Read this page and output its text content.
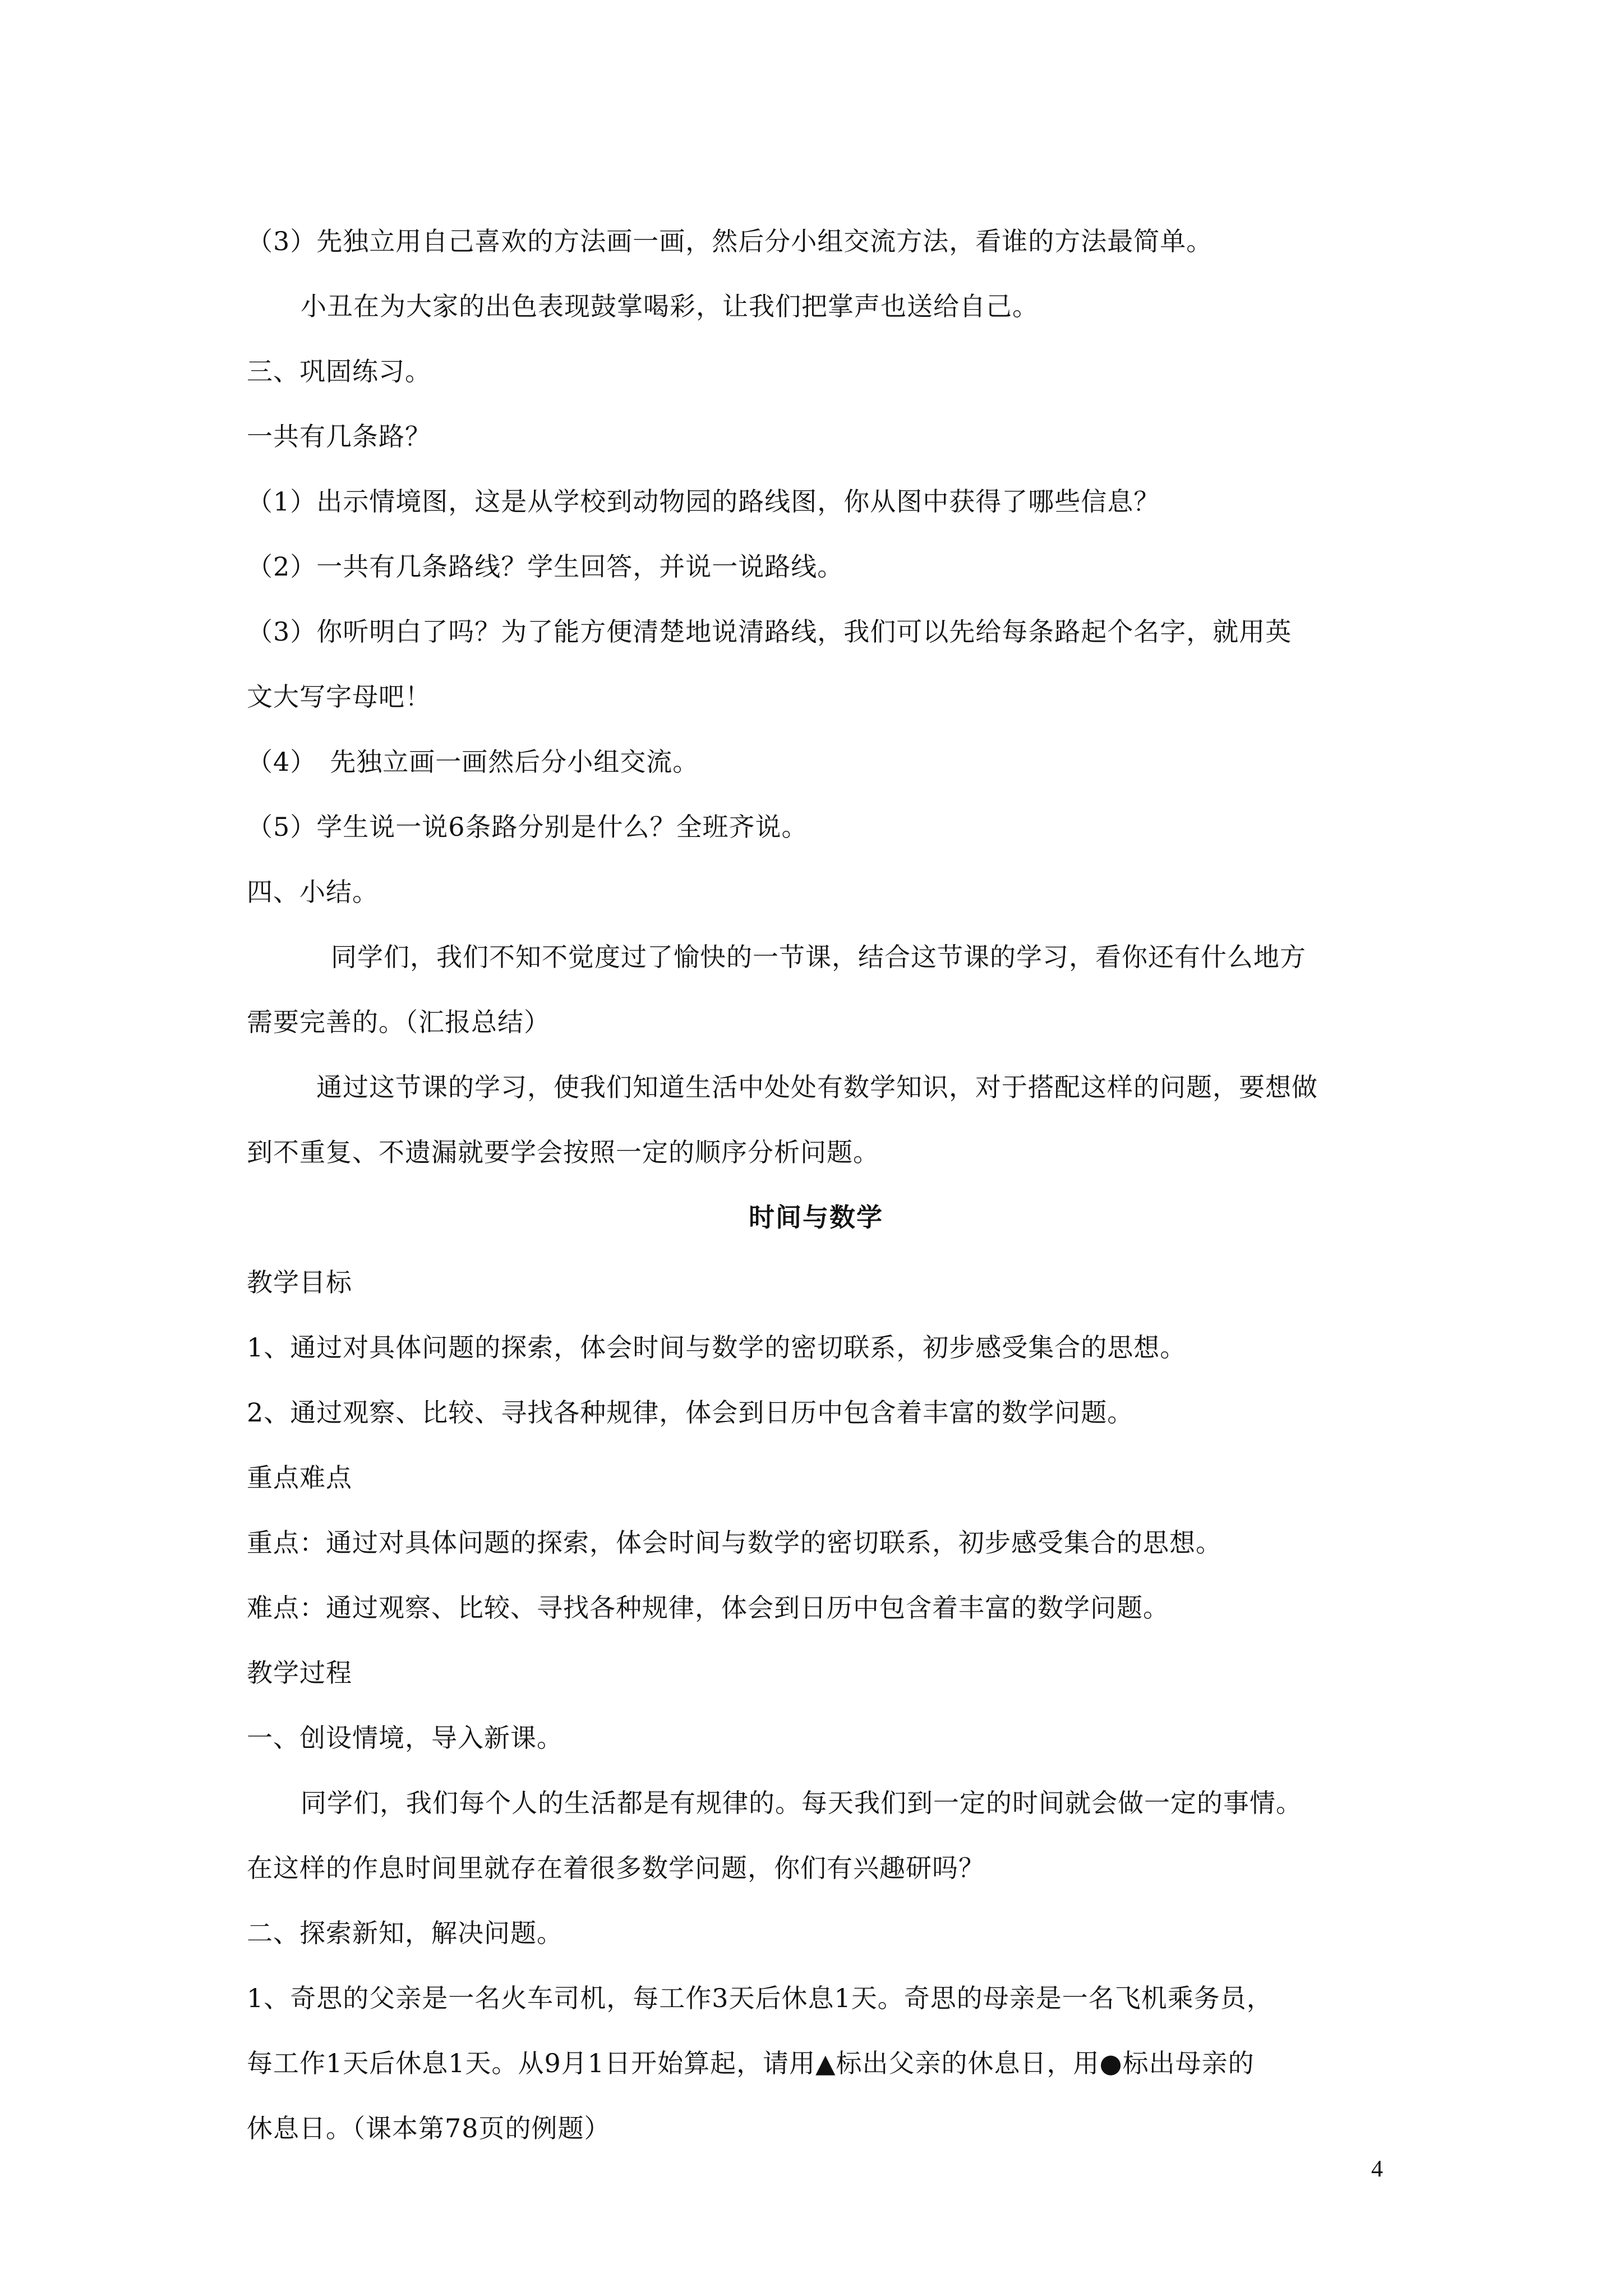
（3）先独立用自己喜欢的方法画一画，然后分小组交流方法，看谁的方法最简单。
小丑在为大家的出色表现鼓掌喝彩，让我们把掌声也送给自己。
三、巩固练习。
一共有几条路？
（1）出示情境图，这是从学校到动物园的路线图，你从图中获得了哪些信息？
（2）一共有几条路线？学生回答，并说一说路线。
（3）你听明白了吗？为了能方便清楚地说清路线，我们可以先给每条路起个名字，就用英
文大写字母吧！
（4）　先独立画一画然后分小组交流。
（5）学生说一说6条路分别是什么？全班齐说。
四、小结。
同学们，我们不知不觉度过了愉快的一节课，结合这节课的学习，看你还有什么地方
需要完善的。（汇报总结）
通过这节课的学习，使我们知道生活中处处有数学知识，对于搭配这样的问题，要想做
到不重复、不遗漏就要学会按照一定的顺序分析问题。
时间与数学
教学目标
1、通过对具体问题的探索，体会时间与数学的密切联系，初步感受集合的思想。
2、通过观察、比较、寻找各种规律，体会到日历中包含着丰富的数学问题。
重点难点
重点：通过对具体问题的探索，体会时间与数学的密切联系，初步感受集合的思想。
难点：通过观察、比较、寻找各种规律，体会到日历中包含着丰富的数学问题。
教学过程
一、创设情境，导入新课。
同学们，我们每个人的生活都是有规律的。每天我们到一定的时间就会做一定的事情。
在这样的作息时间里就存在着很多数学问题，你们有兴趣研吗？
二、探索新知，解决问题。
1、奇思的父亲是一名火车司机，每工作3天后休息1天。奇思的母亲是一名飞机乘务员，
每工作1天后休息1天。从9月1日开始算起，请用▲标出父亲的休息日，用●标出母亲的
休息日。（课本第78页的例题）
4
